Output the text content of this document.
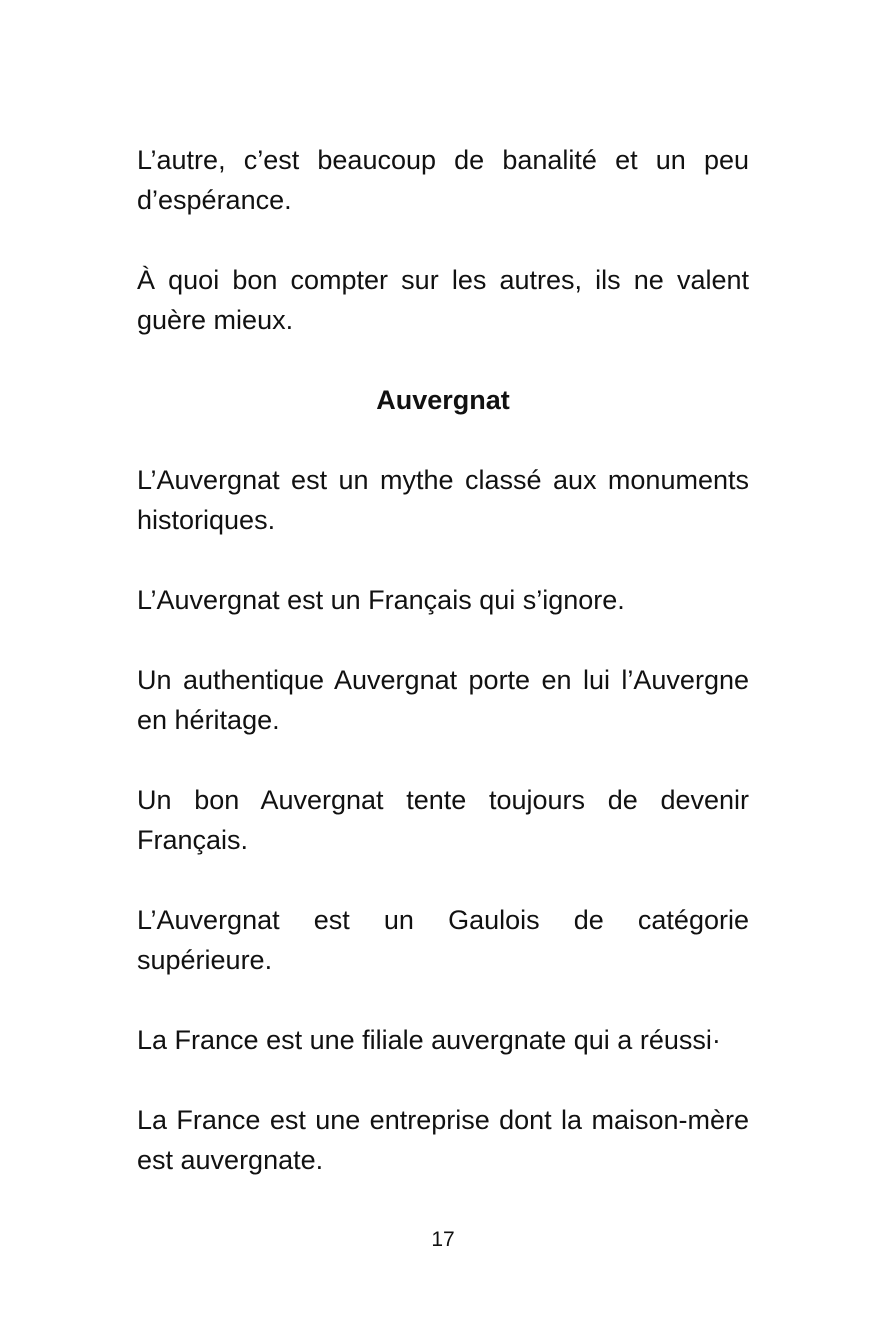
L’autre, c’est beaucoup de banalité et un peu d’espérance.

À quoi bon compter sur les autres, ils ne valent guère mieux.

Auvergnat

L’Auvergnat est un mythe classé aux monuments historiques.

L’Auvergnat est un Français qui s’ignore.

Un authentique Auvergnat porte en lui l’Auvergne en héritage.

Un bon Auvergnat tente toujours de devenir Français.

L’Auvergnat est un Gaulois de catégorie supérieure.

La France est une filiale auvergnate qui a réussi·

La France est une entreprise dont la maison-mère est auvergnate.

17
